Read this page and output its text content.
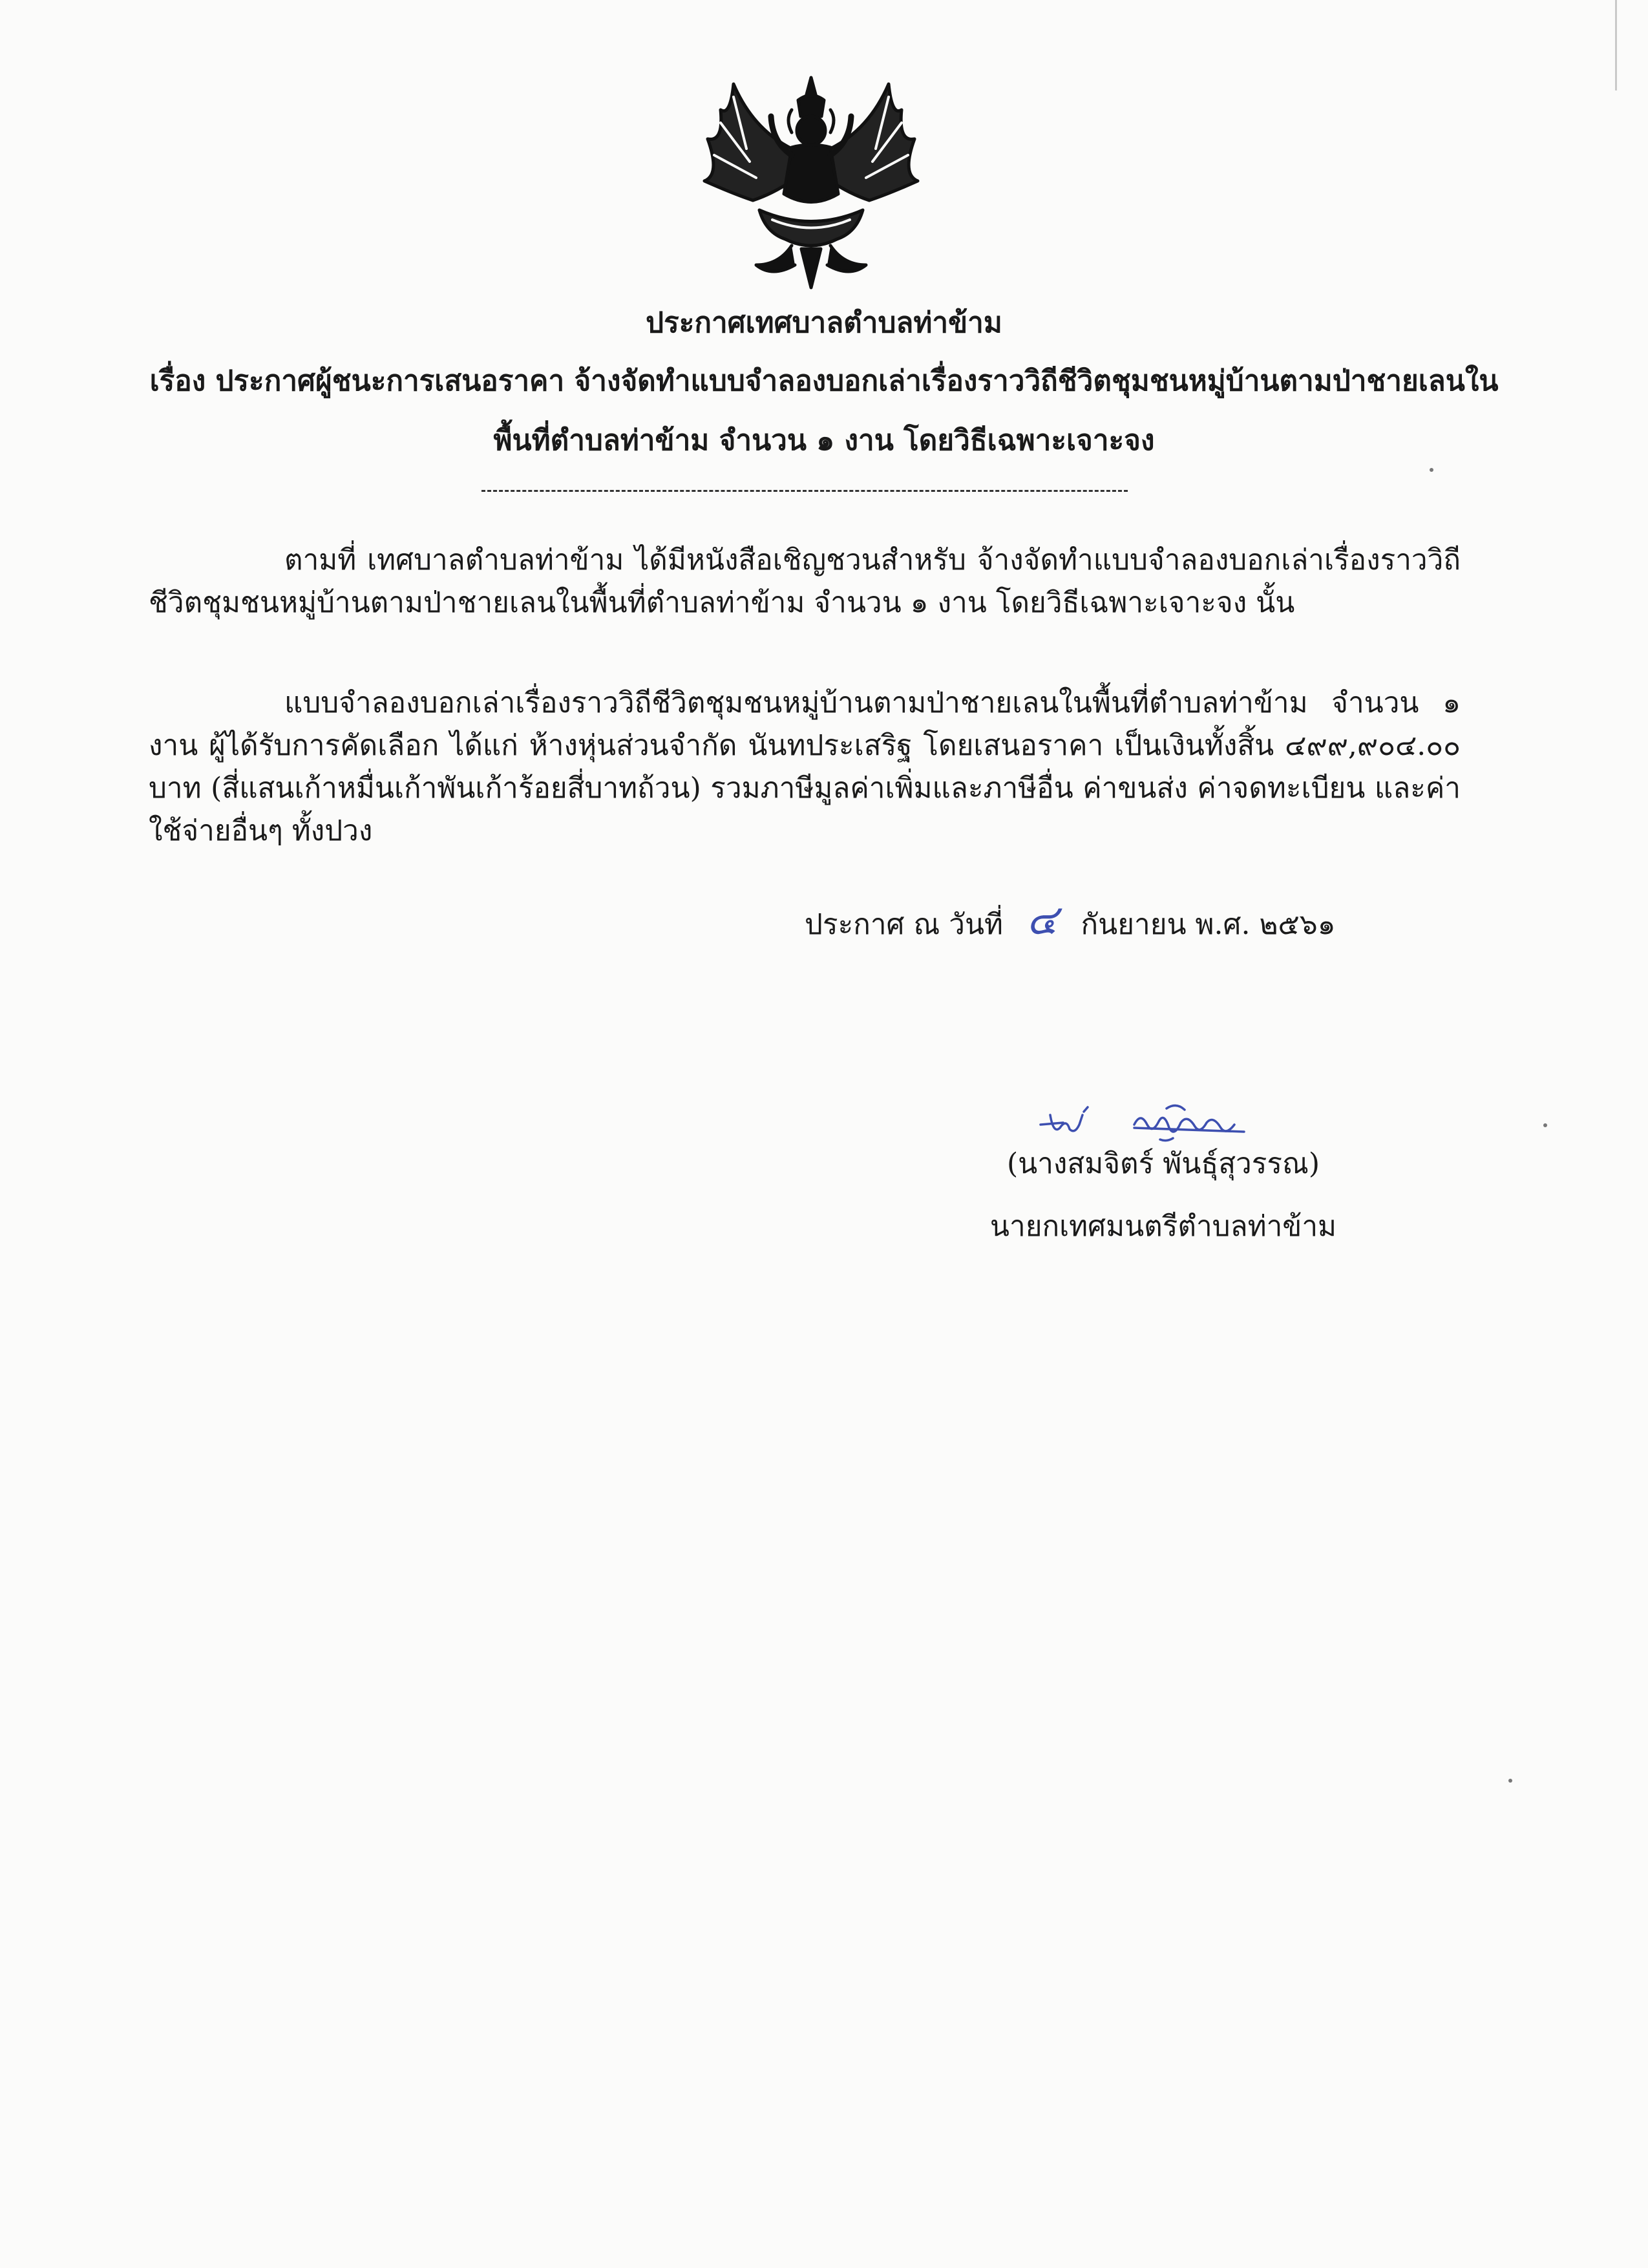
ประกาศเทศบาลตำบลท่าข้าม
เรื่อง ประกาศผู้ชนะการเสนอราคา จ้างจัดทำแบบจำลองบอกเล่าเรื่องราววิถีชีวิตชุมชนหมู่บ้านตามป่าชายเลนใน
พื้นที่ตำบลท่าข้าม จำนวน ๑ งาน โดยวิธีเฉพาะเจาะจง
ตามที่ เทศบาลตำบลท่าข้าม ได้มีหนังสือเชิญชวนสำหรับ จ้างจัดทำแบบจำลองบอกเล่าเรื่องราววิถีชีวิตชุมชนหมู่บ้านตามป่าชายเลนในพื้นที่ตำบลท่าข้าม จำนวน ๑ งาน โดยวิธีเฉพาะเจาะจง นั้น
แบบจำลองบอกเล่าเรื่องราววิถีชีวิตชุมชนหมู่บ้านตามป่าชายเลนในพื้นที่ตำบลท่าข้าม จำนวน ๑ งาน ผู้ได้รับการคัดเลือก ได้แก่ ห้างหุ่นส่วนจำกัด นันทประเสริฐ โดยเสนอราคา เป็นเงินทั้งสิ้น ๔๙๙,๙๐๔.๐๐ บาท (สี่แสนเก้าหมื่นเก้าพันเก้าร้อยสี่บาทถ้วน) รวมภาษีมูลค่าเพิ่มและภาษีอื่น ค่าขนส่ง ค่าจดทะเบียน และค่าใช้จ่ายอื่นๆ ทั้งปวง
ประกาศ ณ วันที่ ๔ กันยายน พ.ศ. ๒๕๖๑
(นางสมจิตร์ พันธุ์สุวรรณ)
นายกเทศมนตรีตำบลท่าข้าม
